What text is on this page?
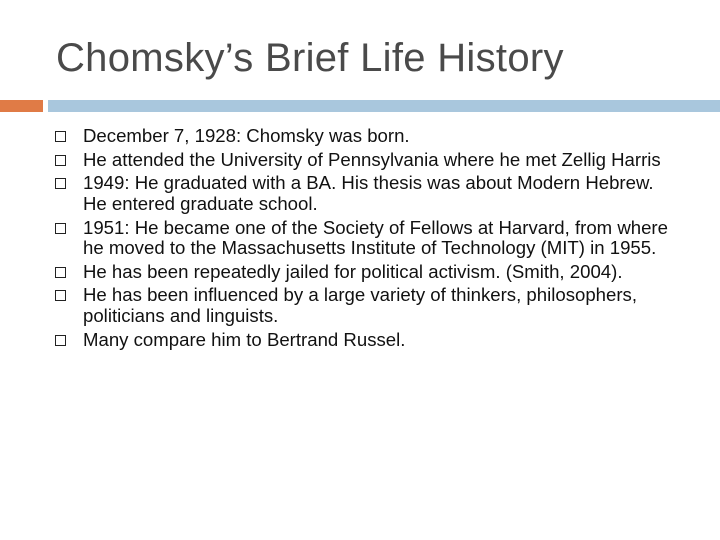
Chomsky’s Brief Life History
December 7, 1928: Chomsky was born.
He attended the University of Pennsylvania where he met Zellig Harris
1949: He graduated with a BA. His thesis was about Modern Hebrew. He entered graduate school.
1951: He became one of the Society of Fellows at Harvard, from where he moved to the Massachusetts Institute of Technology (MIT) in 1955.
He has been repeatedly jailed for political activism. (Smith, 2004).
He has been influenced by a large variety of thinkers, philosophers, politicians and linguists.
Many compare him to Bertrand Russel.
